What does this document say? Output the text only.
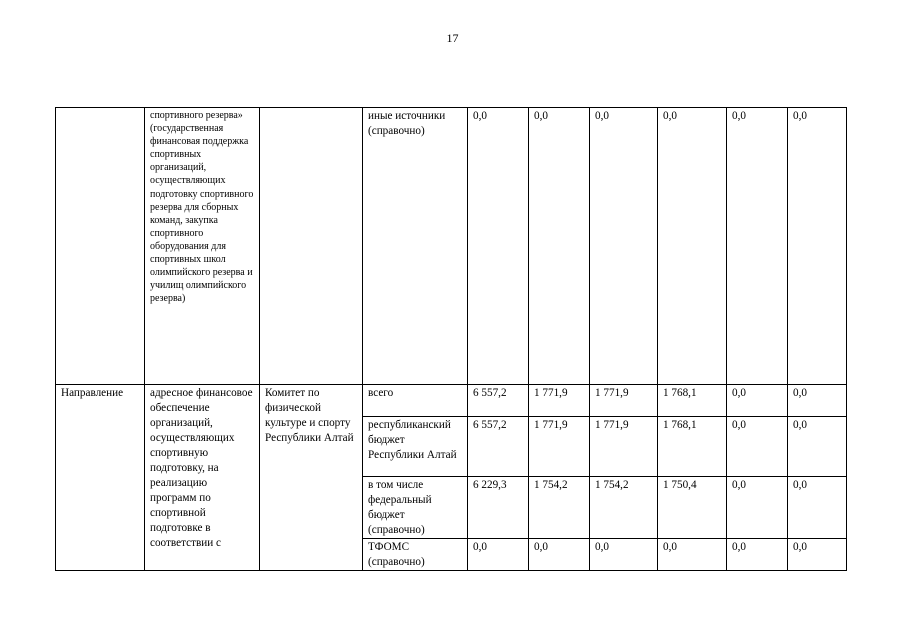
17
	спортивного резерва» (государственная финансовая поддержка спортивных организаций, осуществляющих подготовку спортивного резерва для сборных команд, закупка спортивного оборудования для спортивных школ олимпийского резерва и училищ олимпийского резерва)		иные источники (справочно)	0,0	0,0	0,0	0,0	0,0	0,0
Направление	адресное финансовое обеспечение организаций, осуществляющих спортивную подготовку, на реализацию программ по спортивной подготовке в соответствии с	Комитет по физической культуре и спорту Республики Алтай	всего	6 557,2	1 771,9	1 771,9	1 768,1	0,0	0,0
			республиканский бюджет Республики Алтай	6 557,2	1 771,9	1 771,9	1 768,1	0,0	0,0
			в том числе федеральный бюджет (справочно)	6 229,3	1 754,2	1 754,2	1 750,4	0,0	0,0
			ТФОМС (справочно)	0,0	0,0	0,0	0,0	0,0	0,0
